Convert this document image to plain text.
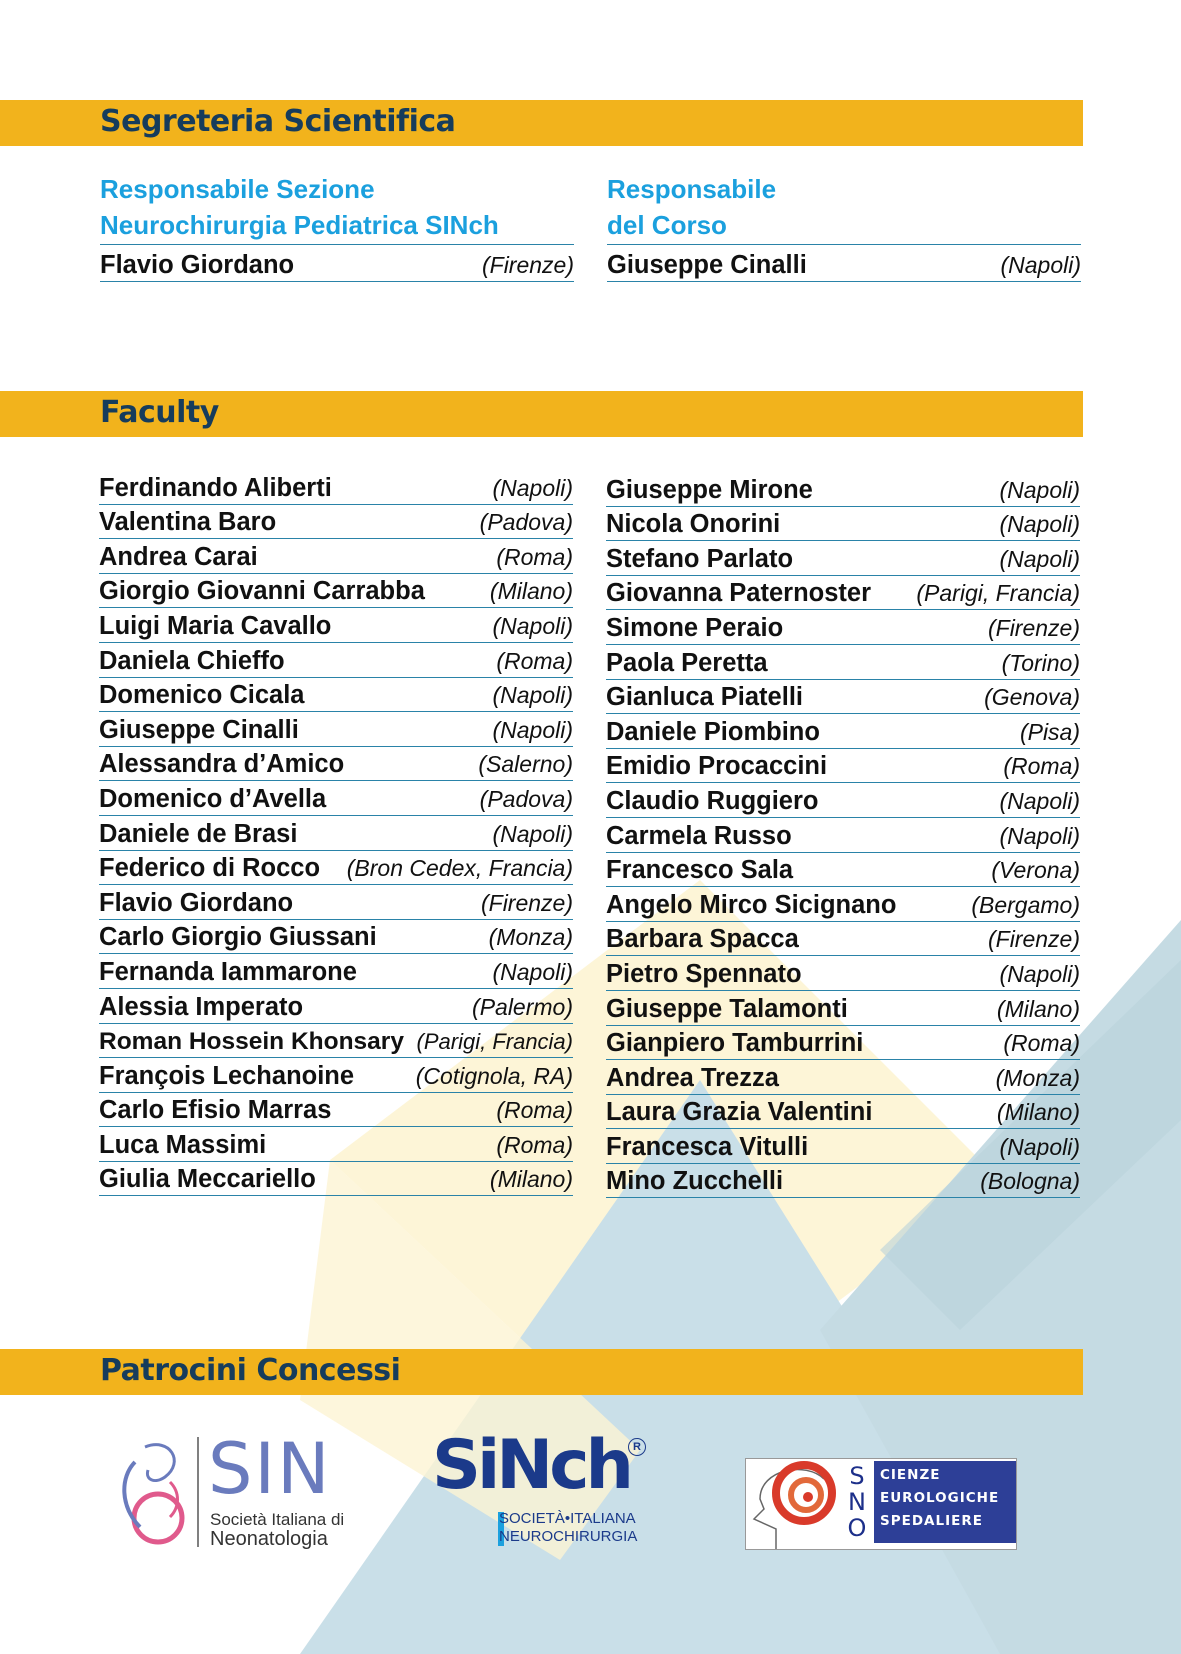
Segreteria Scientifica
Responsabile Sezione
Neurochirurgia Pediatrica SINch
Flavio Giordano	(Firenze)
Responsabile
del Corso
Giuseppe Cinalli	(Napoli)
Faculty
Ferdinando Aliberti	(Napoli)
Valentina Baro	(Padova)
Andrea Carai	(Roma)
Giorgio Giovanni Carrabba	(Milano)
Luigi Maria Cavallo	(Napoli)
Daniela Chieffo	(Roma)
Domenico Cicala	(Napoli)
Giuseppe Cinalli	(Napoli)
Alessandra d’Amico	(Salerno)
Domenico d’Avella	(Padova)
Daniele de Brasi	(Napoli)
Federico di Rocco (Bron Cedex, Francia)
Flavio Giordano	(Firenze)
Carlo Giorgio Giussani	(Monza)
Fernanda Iammarone	(Napoli)
Alessia Imperato	(Palermo)
Roman Hossein Khonsary (Parigi, Francia)
François Lechanoine	(Cotignola, RA)
Carlo Efisio Marras	(Roma)
Luca Massimi	(Roma)
Giulia Meccariello	(Milano)
Giuseppe Mirone	(Napoli)
Nicola Onorini	(Napoli)
Stefano Parlato	(Napoli)
Giovanna Paternoster (Parigi, Francia)
Simone Peraio	(Firenze)
Paola Peretta	(Torino)
Gianluca Piatelli	(Genova)
Daniele Piombino	(Pisa)
Emidio Procaccini	(Roma)
Claudio Ruggiero	(Napoli)
Carmela Russo	(Napoli)
Francesco Sala	(Verona)
Angelo Mirco Sicignano	(Bergamo)
Barbara Spacca	(Firenze)
Pietro Spennato	(Napoli)
Giuseppe Talamonti	(Milano)
Gianpiero Tamburrini	(Roma)
Andrea Trezza	(Monza)
Laura Grazia Valentini	(Milano)
Francesca Vitulli	(Napoli)
Mino Zucchelli	(Bologna)
Patrocini Concessi
SIN
Società Italiana di
Neonatologia
SiNch R
SOCIETÀ•ITALIANA
NEUROCHIRURGIA
S
N
O
CIENZE
EUROLOGICHE
SPEDALIERE
